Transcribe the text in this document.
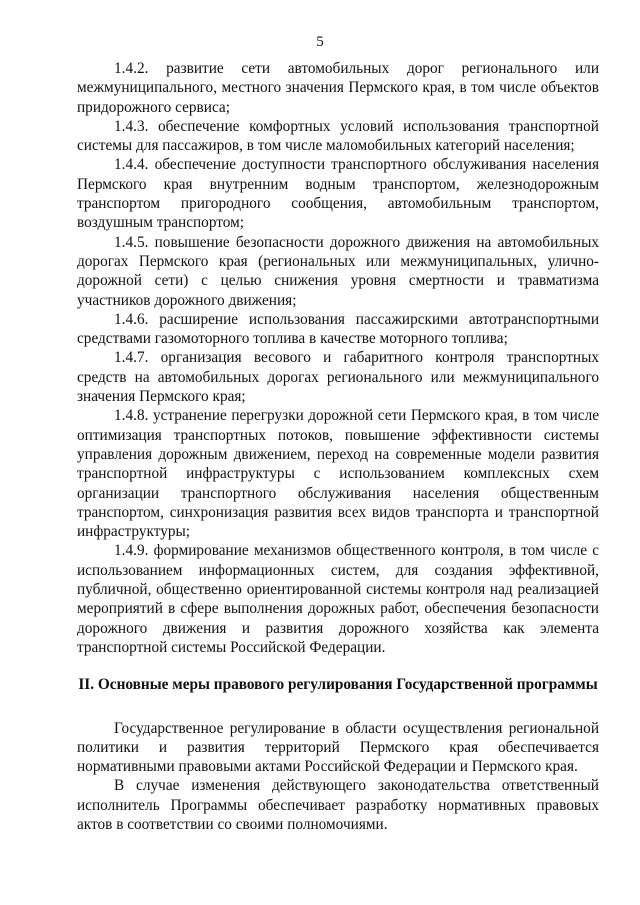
5

1.4.2. развитие сети автомобильных дорог регионального или межмуниципального, местного значения Пермского края, в том числе объектов придорожного сервиса;

1.4.3. обеспечение комфортных условий использования транспортной системы для пассажиров, в том числе маломобильных категорий населения;

1.4.4. обеспечение доступности транспортного обслуживания населения Пермского края внутренним водным транспортом, железнодорожным транспортом пригородного сообщения, автомобильным транспортом, воздушным транспортом;

1.4.5. повышение безопасности дорожного движения на автомобильных дорогах Пермского края (региональных или межмуниципальных, улично-дорожной сети) с целью снижения уровня смертности и травматизма участников дорожного движения;

1.4.6. расширение использования пассажирскими автотранспортными средствами газомоторного топлива в качестве моторного топлива;

1.4.7. организация весового и габаритного контроля транспортных средств на автомобильных дорогах регионального или межмуниципального значения Пермского края;

1.4.8. устранение перегрузки дорожной сети Пермского края, в том числе оптимизация транспортных потоков, повышение эффективности системы управления дорожным движением, переход на современные модели развития транспортной инфраструктуры с использованием комплексных схем организации транспортного обслуживания населения общественным транспортом, синхронизация развития всех видов транспорта и транспортной инфраструктуры;

1.4.9. формирование механизмов общественного контроля, в том числе с использованием информационных систем, для создания эффективной, публичной, общественно ориентированной системы контроля над реализацией мероприятий в сфере выполнения дорожных работ, обеспечения безопасности дорожного движения и развития дорожного хозяйства как элемента транспортной системы Российской Федерации.

II. Основные меры правового регулирования Государственной программы

Государственное регулирование в области осуществления региональной политики и развития территорий Пермского края обеспечивается нормативными правовыми актами Российской Федерации и Пермского края.

В случае изменения действующего законодательства ответственный исполнитель Программы обеспечивает разработку нормативных правовых актов в соответствии со своими полномочиями.
